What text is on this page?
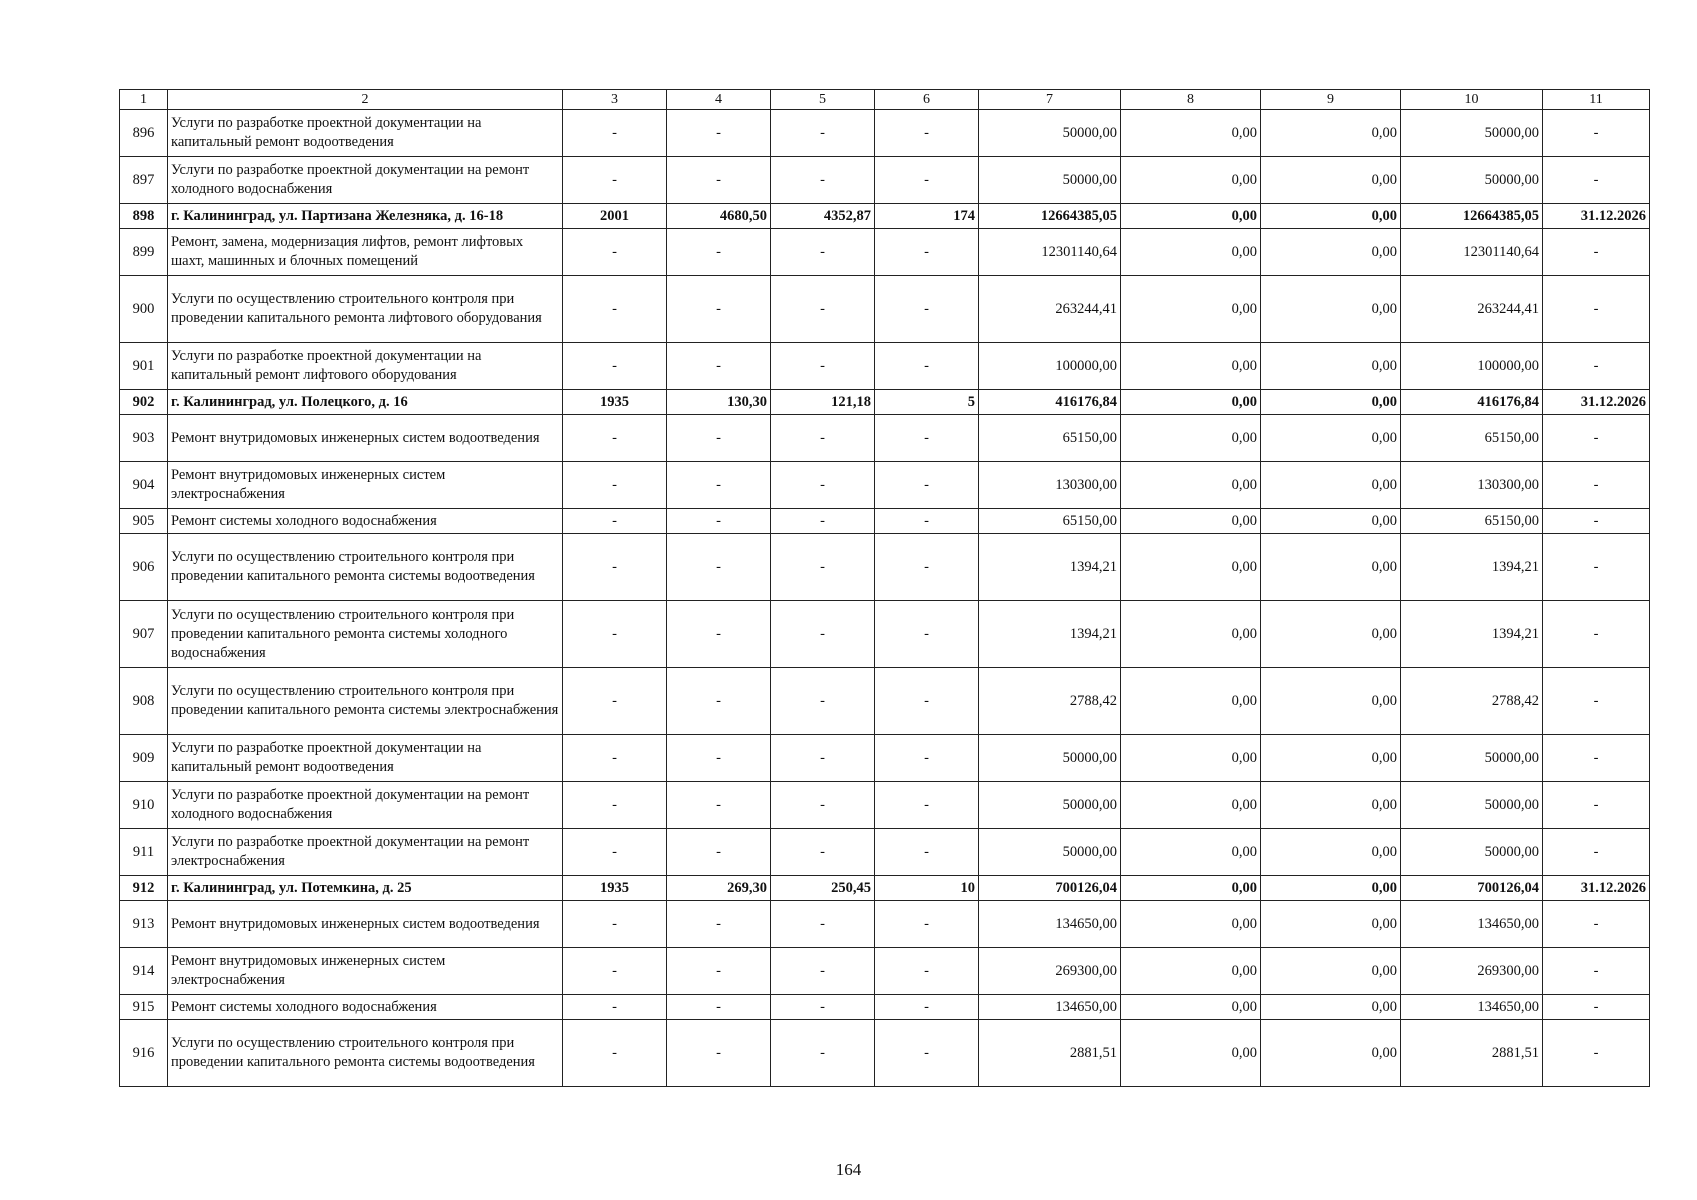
1	2	3	4	5	6	7	8	9	10	11
896	Услуги по разработке проектной документации на капитальный ремонт водоотведения	-	-	-	-	50000,00	0,00	0,00	50000,00	-
897	Услуги по разработке проектной документации на ремонт холодного водоснабжения	-	-	-	-	50000,00	0,00	0,00	50000,00	-
898	г. Калининград, ул. Партизана Железняка, д. 16-18	2001	4680,50	4352,87	174	12664385,05	0,00	0,00	12664385,05	31.12.2026
899	Ремонт, замена, модернизация лифтов, ремонт лифтовых шахт, машинных и блочных помещений	-	-	-	-	12301140,64	0,00	0,00	12301140,64	-
900	Услуги по осуществлению строительного контроля при проведении капитального ремонта лифтового оборудования	-	-	-	-	263244,41	0,00	0,00	263244,41	-
901	Услуги по разработке проектной документации на капитальный ремонт лифтового оборудования	-	-	-	-	100000,00	0,00	0,00	100000,00	-
902	г. Калининград, ул. Полецкого, д. 16	1935	130,30	121,18	5	416176,84	0,00	0,00	416176,84	31.12.2026
903	Ремонт внутридомовых инженерных систем водоотведения	-	-	-	-	65150,00	0,00	0,00	65150,00	-
904	Ремонт внутридомовых инженерных систем электроснабжения	-	-	-	-	130300,00	0,00	0,00	130300,00	-
905	Ремонт системы холодного водоснабжения	-	-	-	-	65150,00	0,00	0,00	65150,00	-
906	Услуги по осуществлению строительного контроля при проведении капитального ремонта системы водоотведения	-	-	-	-	1394,21	0,00	0,00	1394,21	-
907	Услуги по осуществлению строительного контроля при проведении капитального ремонта системы холодного водоснабжения	-	-	-	-	1394,21	0,00	0,00	1394,21	-
908	Услуги по осуществлению строительного контроля при проведении капитального ремонта системы электроснабжения	-	-	-	-	2788,42	0,00	0,00	2788,42	-
909	Услуги по разработке проектной документации на капитальный ремонт водоотведения	-	-	-	-	50000,00	0,00	0,00	50000,00	-
910	Услуги по разработке проектной документации на ремонт холодного водоснабжения	-	-	-	-	50000,00	0,00	0,00	50000,00	-
911	Услуги по разработке проектной документации на ремонт электроснабжения	-	-	-	-	50000,00	0,00	0,00	50000,00	-
912	г. Калининград, ул. Потемкина, д. 25	1935	269,30	250,45	10	700126,04	0,00	0,00	700126,04	31.12.2026
913	Ремонт внутридомовых инженерных систем водоотведения	-	-	-	-	134650,00	0,00	0,00	134650,00	-
914	Ремонт внутридомовых инженерных систем электроснабжения	-	-	-	-	269300,00	0,00	0,00	269300,00	-
915	Ремонт системы холодного водоснабжения	-	-	-	-	134650,00	0,00	0,00	134650,00	-
916	Услуги по осуществлению строительного контроля при проведении капитального ремонта системы водоотведения	-	-	-	-	2881,51	0,00	0,00	2881,51	-
164
